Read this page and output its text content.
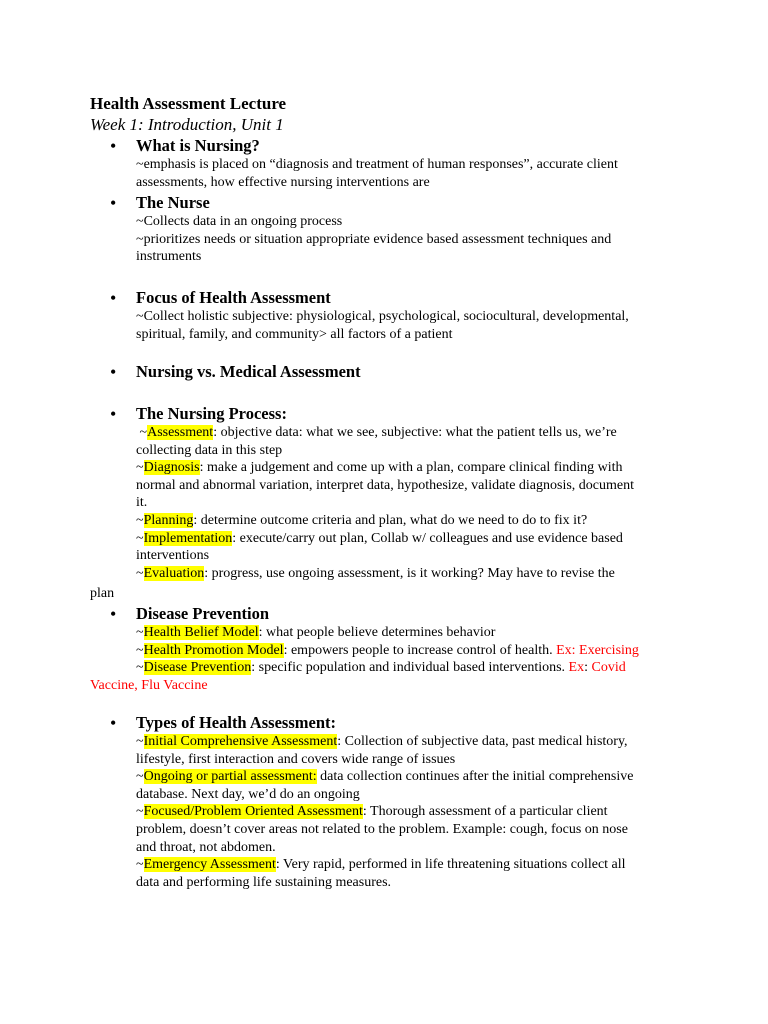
Health Assessment Lecture
Week 1: Introduction, Unit 1
• What is Nursing?
~emphasis is placed on “diagnosis and treatment of human responses”, accurate client
assessments, how effective nursing interventions are
• The Nurse
~Collects data in an ongoing process
~prioritizes needs or situation appropriate evidence based assessment techniques and
instruments
• Focus of Health Assessment
~Collect holistic subjective: physiological, psychological, sociocultural, developmental,
spiritual, family, and community> all factors of a patient
• Nursing vs. Medical Assessment
• The Nursing Process:
~Assessment: objective data: what we see, subjective: what the patient tells us, we’re
collecting data in this step
~Diagnosis: make a judgement and come up with a plan, compare clinical finding with
normal and abnormal variation, interpret data, hypothesize, validate diagnosis, document
it.
~Planning: determine outcome criteria and plan, what do we need to do to fix it?
~Implementation: execute/carry out plan, Collab w/ colleagues and use evidence based
interventions
~Evaluation: progress, use ongoing assessment, is it working? May have to revise the
plan
• Disease Prevention
~Health Belief Model: what people believe determines behavior
~Health Promotion Model: empowers people to increase control of health. Ex: Exercising
~Disease Prevention: specific population and individual based interventions. Ex: Covid
Vaccine, Flu Vaccine
• Types of Health Assessment:
~Initial Comprehensive Assessment: Collection of subjective data, past medical history,
lifestyle, first interaction and covers wide range of issues
~Ongoing or partial assessment: data collection continues after the initial comprehensive
database. Next day, we’d do an ongoing
~Focused/Problem Oriented Assessment: Thorough assessment of a particular client
problem, doesn’t cover areas not related to the problem. Example: cough, focus on nose
and throat, not abdomen.
~Emergency Assessment: Very rapid, performed in life threatening situations collect all
data and performing life sustaining measures.
